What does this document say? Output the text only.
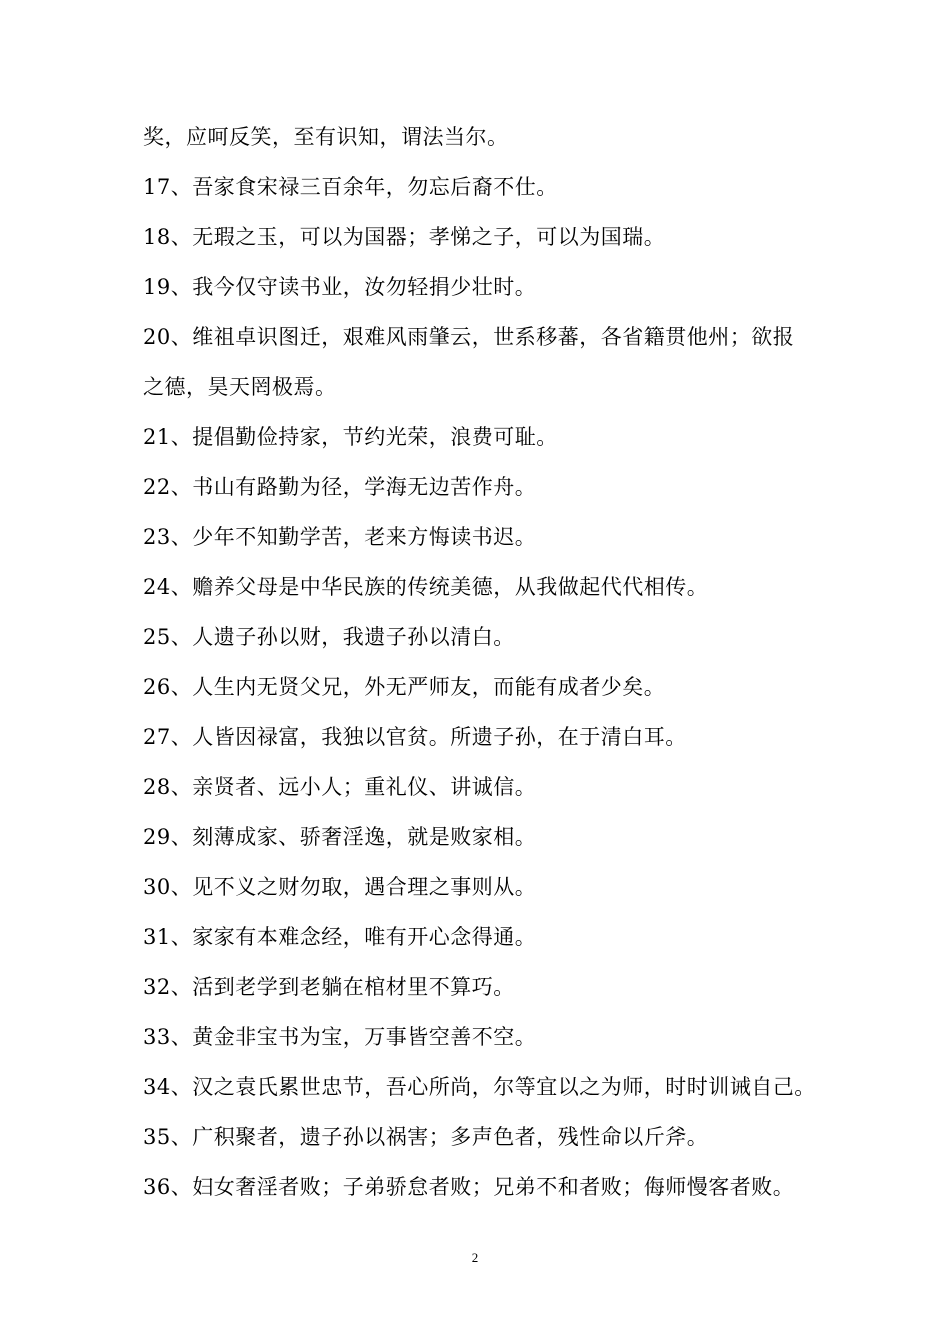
奖，应呵反笑，至有识知，谓法当尔。
17、吾家食宋禄三百余年，勿忘后裔不仕。
18、无瑕之玉，可以为国器；孝悌之子，可以为国瑞。
19、我今仅守读书业，汝勿轻捐少壮时。
20、维祖卓识图迁，艰难风雨肇云，世系移蕃，各省籍贯他州；欲报
之德，昊天罔极焉。
21、提倡勤俭持家，节约光荣，浪费可耻。
22、书山有路勤为径，学海无边苦作舟。
23、少年不知勤学苦，老来方悔读书迟。
24、赡养父母是中华民族的传统美德，从我做起代代相传。
25、人遗子孙以财，我遗子孙以清白。
26、人生内无贤父兄，外无严师友，而能有成者少矣。
27、人皆因禄富，我独以官贫。所遗子孙，在于清白耳。
28、亲贤者、远小人；重礼仪、讲诚信。
29、刻薄成家、骄奢淫逸，就是败家相。
30、见不义之财勿取，遇合理之事则从。
31、家家有本难念经，唯有开心念得通。
32、活到老学到老躺在棺材里不算巧。
33、黄金非宝书为宝，万事皆空善不空。
34、汉之袁氏累世忠节，吾心所尚，尔等宜以之为师，时时训诫自己。
35、广积聚者，遗子孙以祸害；多声色者，残性命以斤斧。
36、妇女奢淫者败；子弟骄怠者败；兄弟不和者败；侮师慢客者败。
2
